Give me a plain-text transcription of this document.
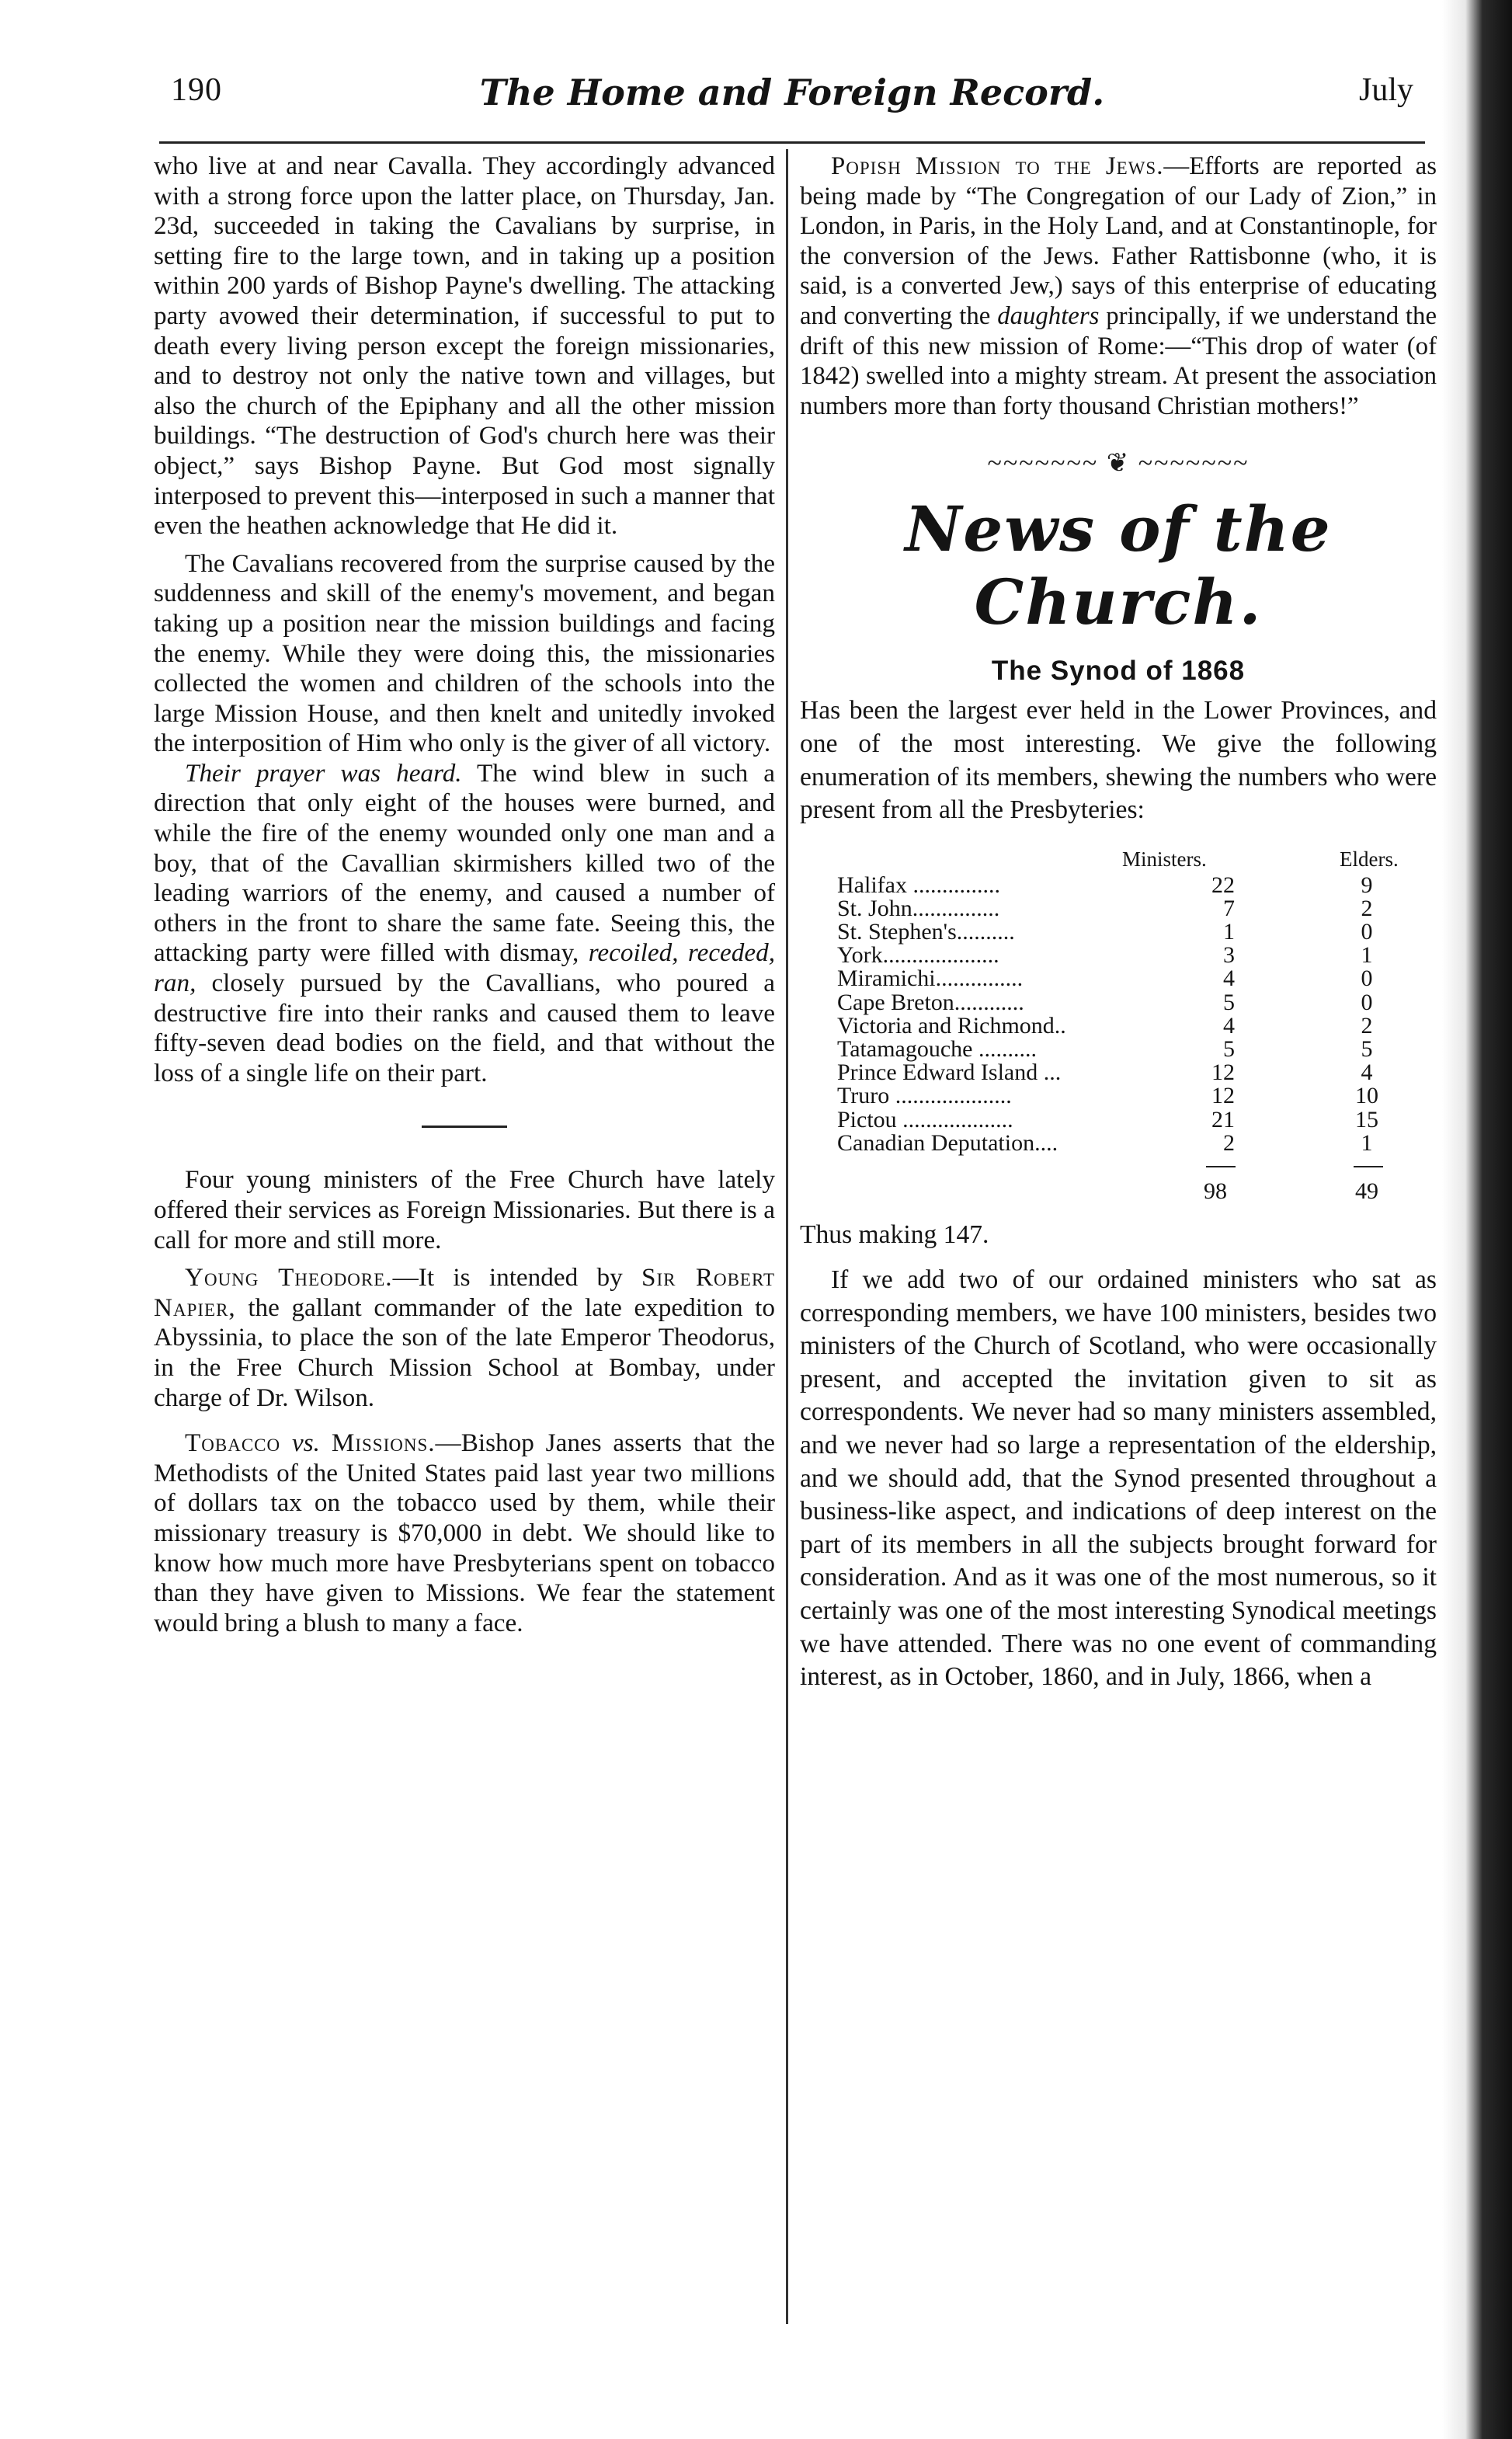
190	The Home and Foreign Record.	July

who live at and near Cavalla. They accordingly advanced with a strong force upon the latter place, on Thursday, Jan. 23d, succeeded in taking the Cavalians by surprise, in setting fire to the large town, and in taking up a position within 200 yards of Bishop Payne's dwelling. The attacking party avowed their determination, if successful to put to death every living person except the foreign missionaries, and to destroy not only the native town and villages, but also the church of the Epiphany and all the other mission buildings. “The destruction of God's church here was their object,” says Bishop Payne. But God most signally interposed to prevent this—interposed in such a manner that even the heathen acknowledge that He did it.

The Cavalians recovered from the surprise caused by the suddenness and skill of the enemy's movement, and began taking up a position near the mission buildings and facing the enemy. While they were doing this, the missionaries collected the women and children of the schools into the large Mission House, and then knelt and unitedly invoked the interposition of Him who only is the giver of all victory.

Their prayer was heard. The wind blew in such a direction that only eight of the houses were burned, and while the fire of the enemy wounded only one man and a boy, that of the Cavallian skirmishers killed two of the leading warriors of the enemy, and caused a number of others in the front to share the same fate. Seeing this, the attacking party were filled with dismay, recoiled, receded, ran, closely pursued by the Cavallians, who poured a destructive fire into their ranks and caused them to leave fifty-seven dead bodies on the field, and that without the loss of a single life on their part.

Four young ministers of the Free Church have lately offered their services as Foreign Missionaries. But there is a call for more and still more.

Young Theodore.—It is intended by Sir Robert Napier, the gallant commander of the late expedition to Abyssinia, to place the son of the late Emperor Theodorus, in the Free Church Mission School at Bombay, under charge of Dr. Wilson.

Tobacco vs. Missions.—Bishop Janes asserts that the Methodists of the United States paid last year two millions of dollars tax on the tobacco used by them, while their missionary treasury is $70,000 in debt. We should like to know how much more have Presbyterians spent on tobacco than they have given to Missions. We fear the statement would bring a blush to many a face.

Popish Mission to the Jews.—Efforts are reported as being made by “The Congregation of our Lady of Zion,” in London, in Paris, in the Holy Land, and at Constantinople, for the conversion of the Jews. Father Rattisbonne (who, it is said, is a converted Jew,) says of this enterprise of educating and converting the daughters principally, if we understand the drift of this new mission of Rome:—“This drop of water (of 1842) swelled into a mighty stream. At present the association numbers more than forty thousand Christian mothers!”

~~~~~~~ ❦ ~~~~~~~
News of the Church.
The Synod of 1868

Has been the largest ever held in the Lower Provinces, and one of the most interesting. We give the following enumeration of its members, shewing the numbers who were present from all the Presbyteries:

Ministers.	Elders.
Halifax ...............	22	9
St. John...............	7	2
St. Stephen's..........	1	0
York....................	3	1
Miramichi...............	4	0
Cape Breton............	5	0
Victoria and Richmond..	4	2
Tatamagouche ..........	5	5
Prince Edward Island ...	12	4
Truro ....................	12	10
Pictou ...................	21	15
Canadian Deputation....	2	1
98	49

Thus making 147.

If we add two of our ordained ministers who sat as corresponding members, we have 100 ministers, besides two ministers of the Church of Scotland, who were occasionally present, and accepted the invitation given to sit as correspondents. We never had so many ministers assembled, and we never had so large a representation of the eldership, and we should add, that the Synod presented throughout a business-like aspect, and indications of deep interest on the part of its members in all the subjects brought forward for consideration. And as it was one of the most numerous, so it certainly was one of the most interesting Synodical meetings we have attended. There was no one event of commanding interest, as in October, 1860, and in July, 1866, when a
